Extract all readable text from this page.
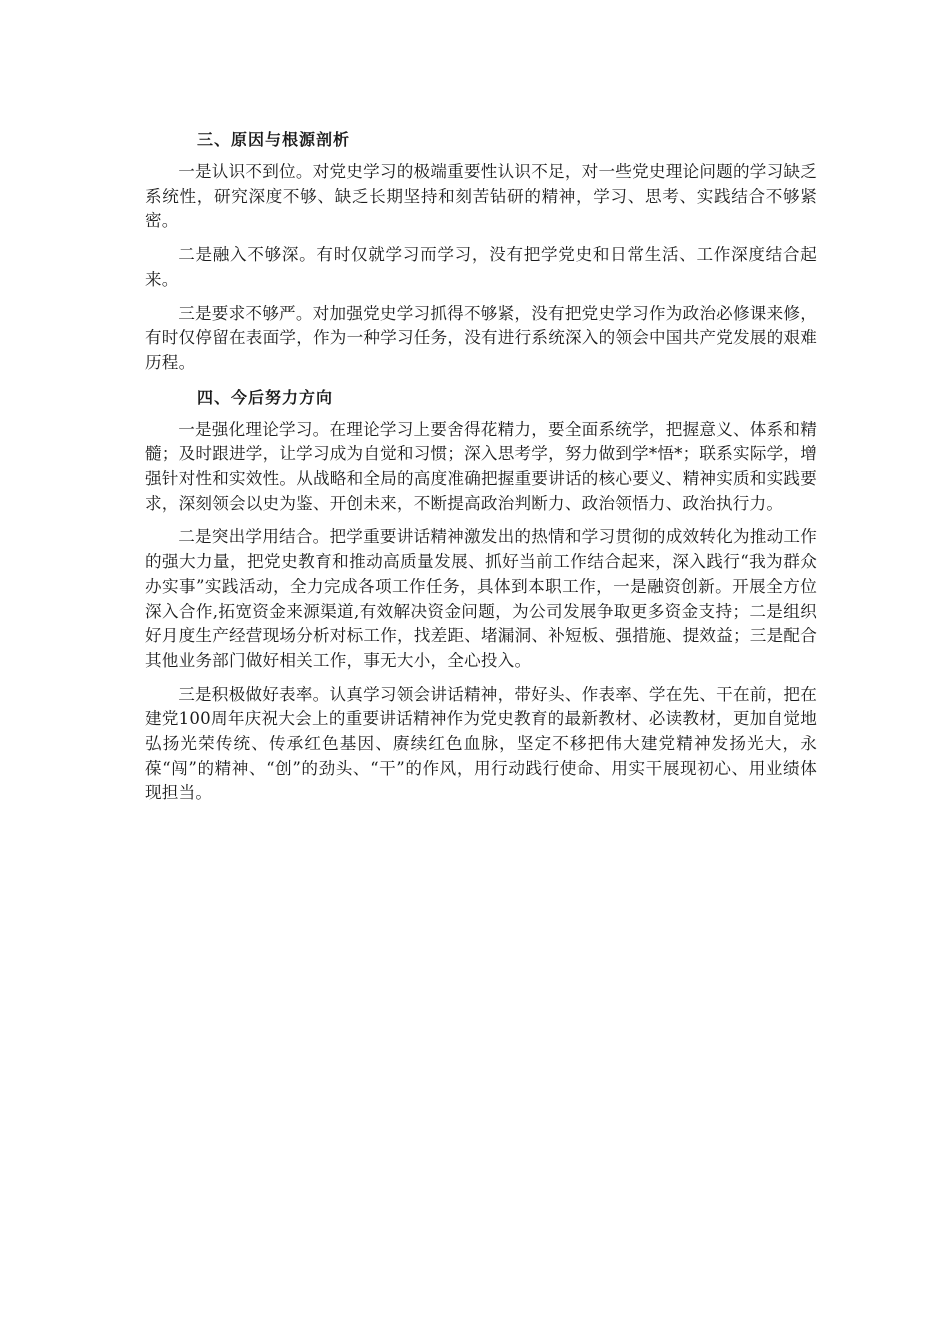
三、原因与根源剖析

一是认识不到位。对党史学习的极端重要性认识不足，对一些党史理论问题的学习缺乏系统性，研究深度不够、缺乏长期坚持和刻苦钻研的精神，学习、思考、实践结合不够紧密。

二是融入不够深。有时仅就学习而学习，没有把学党史和日常生活、工作深度结合起来。

三是要求不够严。对加强党史学习抓得不够紧，没有把党史学习作为政治必修课来修，有时仅停留在表面学，作为一种学习任务，没有进行系统深入的领会中国共产党发展的艰难历程。

四、今后努力方向

一是强化理论学习。在理论学习上要舍得花精力，要全面系统学，把握意义、体系和精髓；及时跟进学，让学习成为自觉和习惯；深入思考学，努力做到学*悟*；联系实际学，增强针对性和实效性。从战略和全局的高度准确把握重要讲话的核心要义、精神实质和实践要求，深刻领会以史为鉴、开创未来，不断提高政治判断力、政治领悟力、政治执行力。

二是突出学用结合。把学重要讲话精神激发出的热情和学习贯彻的成效转化为推动工作的强大力量，把党史教育和推动高质量发展、抓好当前工作结合起来，深入践行“我为群众办实事”实践活动，全力完成各项工作任务，具体到本职工作，一是融资创新。开展全方位深入合作,拓宽资金来源渠道,有效解决资金问题，为公司发展争取更多资金支持；二是组织好月度生产经营现场分析对标工作，找差距、堵漏洞、补短板、强措施、提效益；三是配合其他业务部门做好相关工作，事无大小，全心投入。

三是积极做好表率。认真学习领会讲话精神，带好头、作表率、学在先、干在前，把在建党100周年庆祝大会上的重要讲话精神作为党史教育的最新教材、必读教材，更加自觉地弘扬光荣传统、传承红色基因、赓续红色血脉，坚定不移把伟大建党精神发扬光大，永葆“闯”的精神、“创”的劲头、“干”的作风，用行动践行使命、用实干展现初心、用业绩体现担当。
